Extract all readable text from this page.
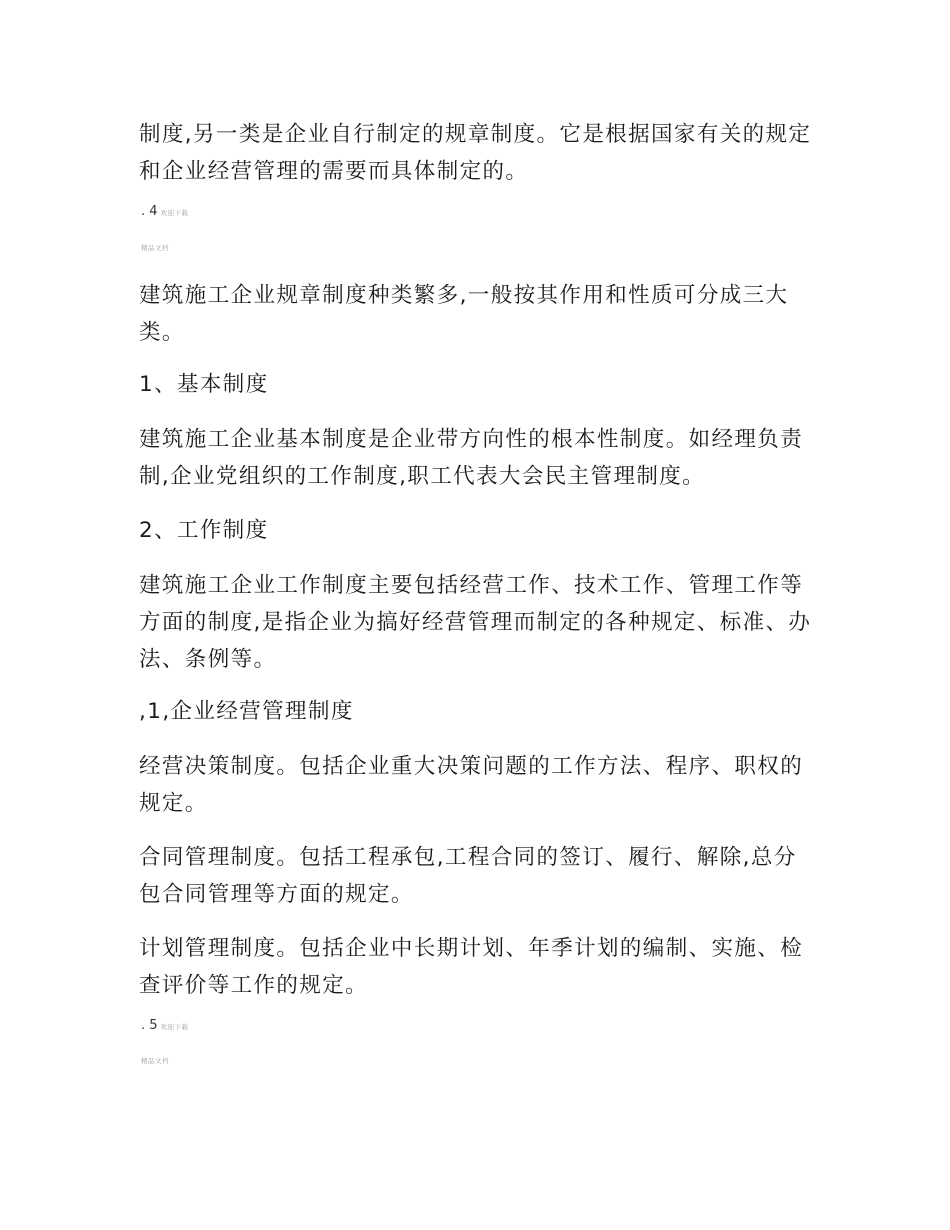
制度,另一类是企业自行制定的规章制度。它是根据国家有关的规定和企业经营管理的需要而具体制定的。

. 4 欢迎下载
精品文档

建筑施工企业规章制度种类繁多,一般按其作用和性质可分成三大类。

1、基本制度

建筑施工企业基本制度是企业带方向性的根本性制度。如经理负责制,企业党组织的工作制度,职工代表大会民主管理制度。

2、工作制度

建筑施工企业工作制度主要包括经营工作、技术工作、管理工作等方面的制度,是指企业为搞好经营管理而制定的各种规定、标准、办法、条例等。

,1,企业经营管理制度

经营决策制度。包括企业重大决策问题的工作方法、程序、职权的规定。

合同管理制度。包括工程承包,工程合同的签订、履行、解除,总分包合同管理等方面的规定。

计划管理制度。包括企业中长期计划、年季计划的编制、实施、检查评价等工作的规定。

. 5 欢迎下载
精品文档
